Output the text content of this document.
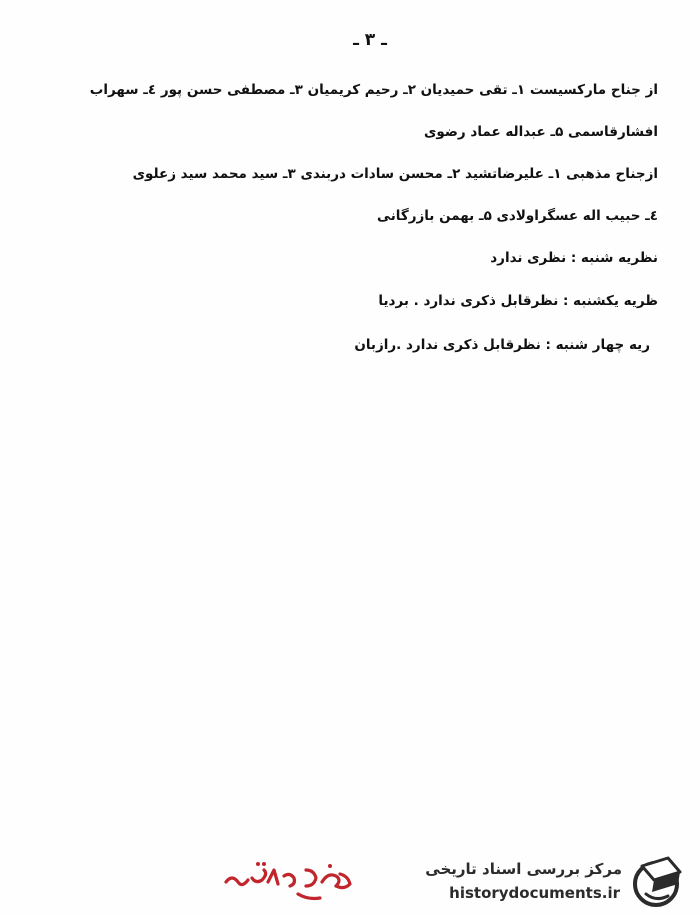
ـ ۳ ـ
از جناح مارکسیست ۱ـ تقی حمیدیان ۲ـ رحیم کریمیان ۳ـ مصطفی حسن پور ٤ـ سهراب
افشارقاسمی ۵ـ عبداله عماد رضوی
ازجناح مذهبی ۱ـ علیرضاتشید ۲ـ محسن سادات دربندی ۳ـ سید محمد سید زعلوی
٤ـ حبیب اله عسگراولادی ۵ـ بهمن بازرگانی
نظریه شنبه : نظری ندارد
ظریه یکشنبه : نظرقابل ذکری ندارد . بردیا
ریه چهار شنبه : نظرقابل ذکری ندارد .رازبان
مرکز بررسی اسناد تاریخی
historydocuments.ir
